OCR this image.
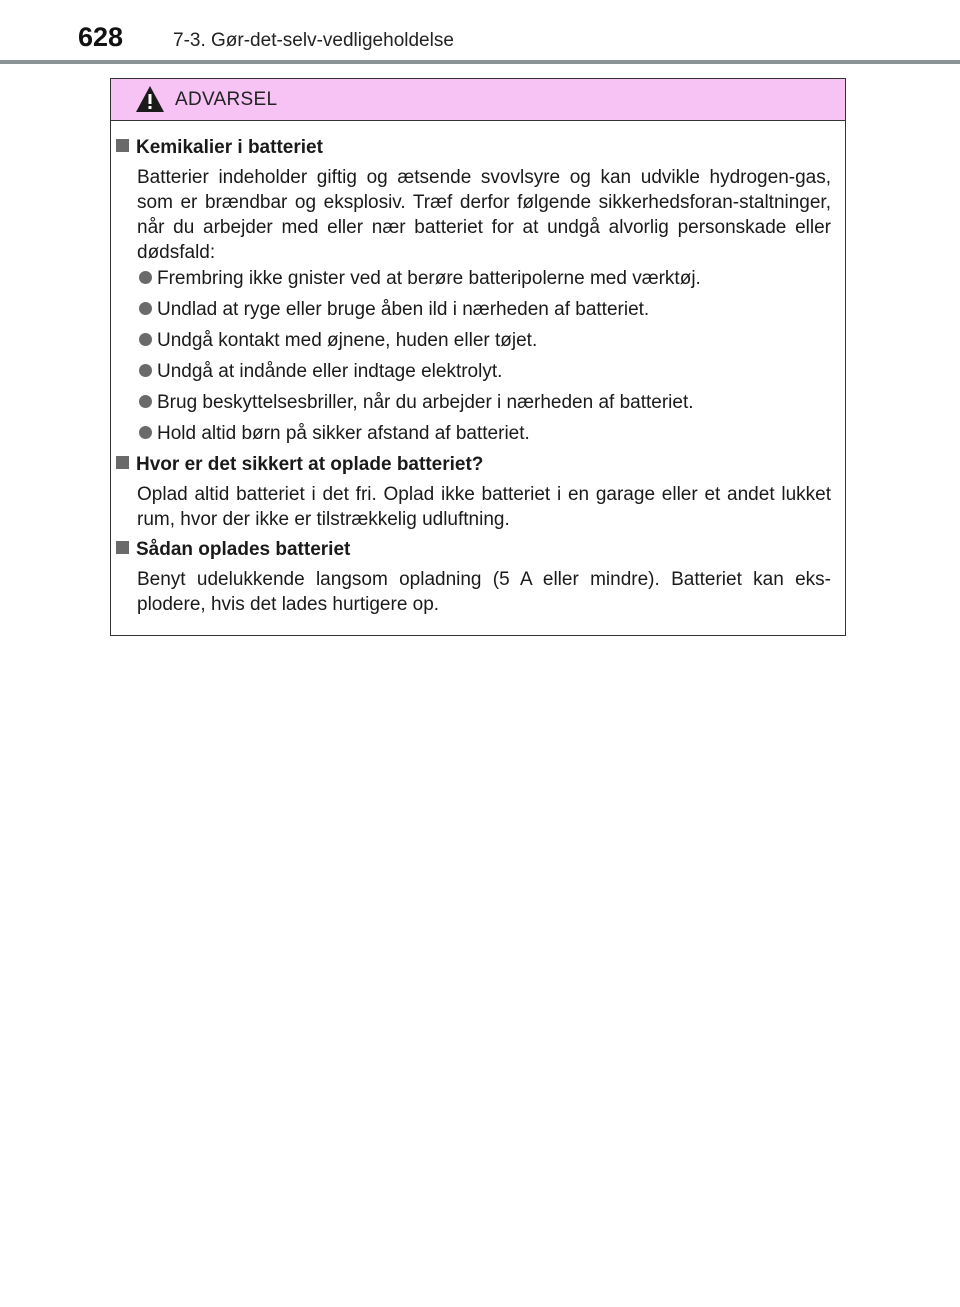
628	7-3. Gør-det-selv-vedligeholdelse
ADVARSEL
Kemikalier i batteriet
Batterier indeholder giftig og ætsende svovlsyre og kan udvikle hydrogen-gas, som er brændbar og eksplosiv. Træf derfor følgende sikkerhedsforan-staltninger, når du arbejder med eller nær batteriet for at undgå alvorlig personskade eller dødsfald:
Frembring ikke gnister ved at berøre batteripolerne med værktøj.
Undlad at ryge eller bruge åben ild i nærheden af batteriet.
Undgå kontakt med øjnene, huden eller tøjet.
Undgå at indånde eller indtage elektrolyt.
Brug beskyttelsesbriller, når du arbejder i nærheden af batteriet.
Hold altid børn på sikker afstand af batteriet.
Hvor er det sikkert at oplade batteriet?
Oplad altid batteriet i det fri. Oplad ikke batteriet i en garage eller et andet lukket rum, hvor der ikke er tilstrækkelig udluftning.
Sådan oplades batteriet
Benyt udelukkende langsom opladning (5 A eller mindre). Batteriet kan eks-plodere, hvis det lades hurtigere op.
